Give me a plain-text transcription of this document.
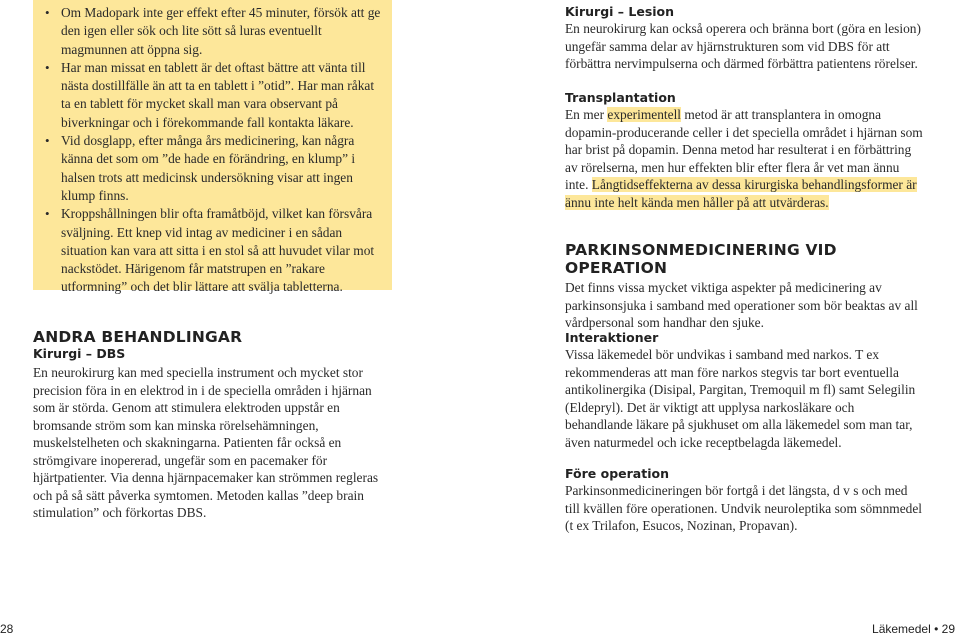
• Om Madopark inte ger effekt efter 45 minuter, försök att ge den igen eller sök och lite sött så luras eventuellt magmunnen att öppna sig.
• Har man missat en tablett är det oftast bättre att vänta till nästa dostillfälle än att ta en tablett i ”otid”. Har man råkat ta en tablett för mycket skall man vara observant på biverkningar och i förekommande fall kontakta läkare.
• Vid dosglapp, efter många års medicinering, kan några känna det som om ”de hade en förändring, en klump” i halsen trots att medicinsk undersökning visar att ingen klump finns.
• Kroppshållningen blir ofta framåtböjd, vilket kan försvåra sväljning. Ett knep vid intag av mediciner i en sådan situation kan vara att sitta i en stol så att huvudet vilar mot nackstödet. Härigenom får matstrupen en ”rakare utformning” och det blir lättare att svälja tabletterna.
ANDRA BEHANDLINGAR
Kirurgi – DBS

En neurokirurg kan med speciella instrument och mycket stor precision föra in en elektrod in i de speciella områden i hjärnan som är störda. Genom att stimulera elektroden uppstår en bromsande ström som kan minska rörelsehämningen, muskelstelheten och skakningarna. Patienten får också en strömgivare inopererad, ungefär som en pacemaker för hjärtpatienter. Via denna hjärnpacemaker kan strömmen regleras och på så sätt påverka symtomen. Metoden kallas ”deep brain stimulation” och förkortas DBS.

Kirurgi – Lesion

En neurokirurg kan också operera och bränna bort (göra en lesion) ungefär samma delar av hjärnstrukturen som vid DBS för att förbättra nervimpulserna och därmed förbättra patientens rörelser.

Transplantation

En mer experimentell metod är att transplantera in omogna dopamin-producerande celler i det speciella området i hjärnan som har brist på dopamin. Denna metod har resulterat i en förbättring av rörelserna, men hur effekten blir efter flera år vet man ännu inte. Långtidseffekterna av dessa kirurgiska behandlingsformer är ännu inte helt kända men håller på att utvärderas.

PARKINSONMEDICINERING VID OPERATION

Det finns vissa mycket viktiga aspekter på medicinering av parkinsonsjuka i samband med operationer som bör beaktas av all vårdpersonal som handhar den sjuke.

Interaktioner

Vissa läkemedel bör undvikas i samband med narkos. T ex rekommenderas att man före narkos stegvis tar bort eventuella antikolinergika (Disipal, Pargitan, Tremoquil m fl) samt Selegilin (Eldepryl). Det är viktigt att upplysa narkosläkare och behandlande läkare på sjukhuset om alla läkemedel som man tar, även naturmedel och icke receptbelagda läkemedel.

Före operation

Parkinsonmedicineringen bör fortgå i det längsta, d v s och med till kvällen före operationen. Undvik neuroleptika som sömnmedel (t ex Trilafon, Esucos, Nozinan, Propavan).

28	Läkemedel • 29
